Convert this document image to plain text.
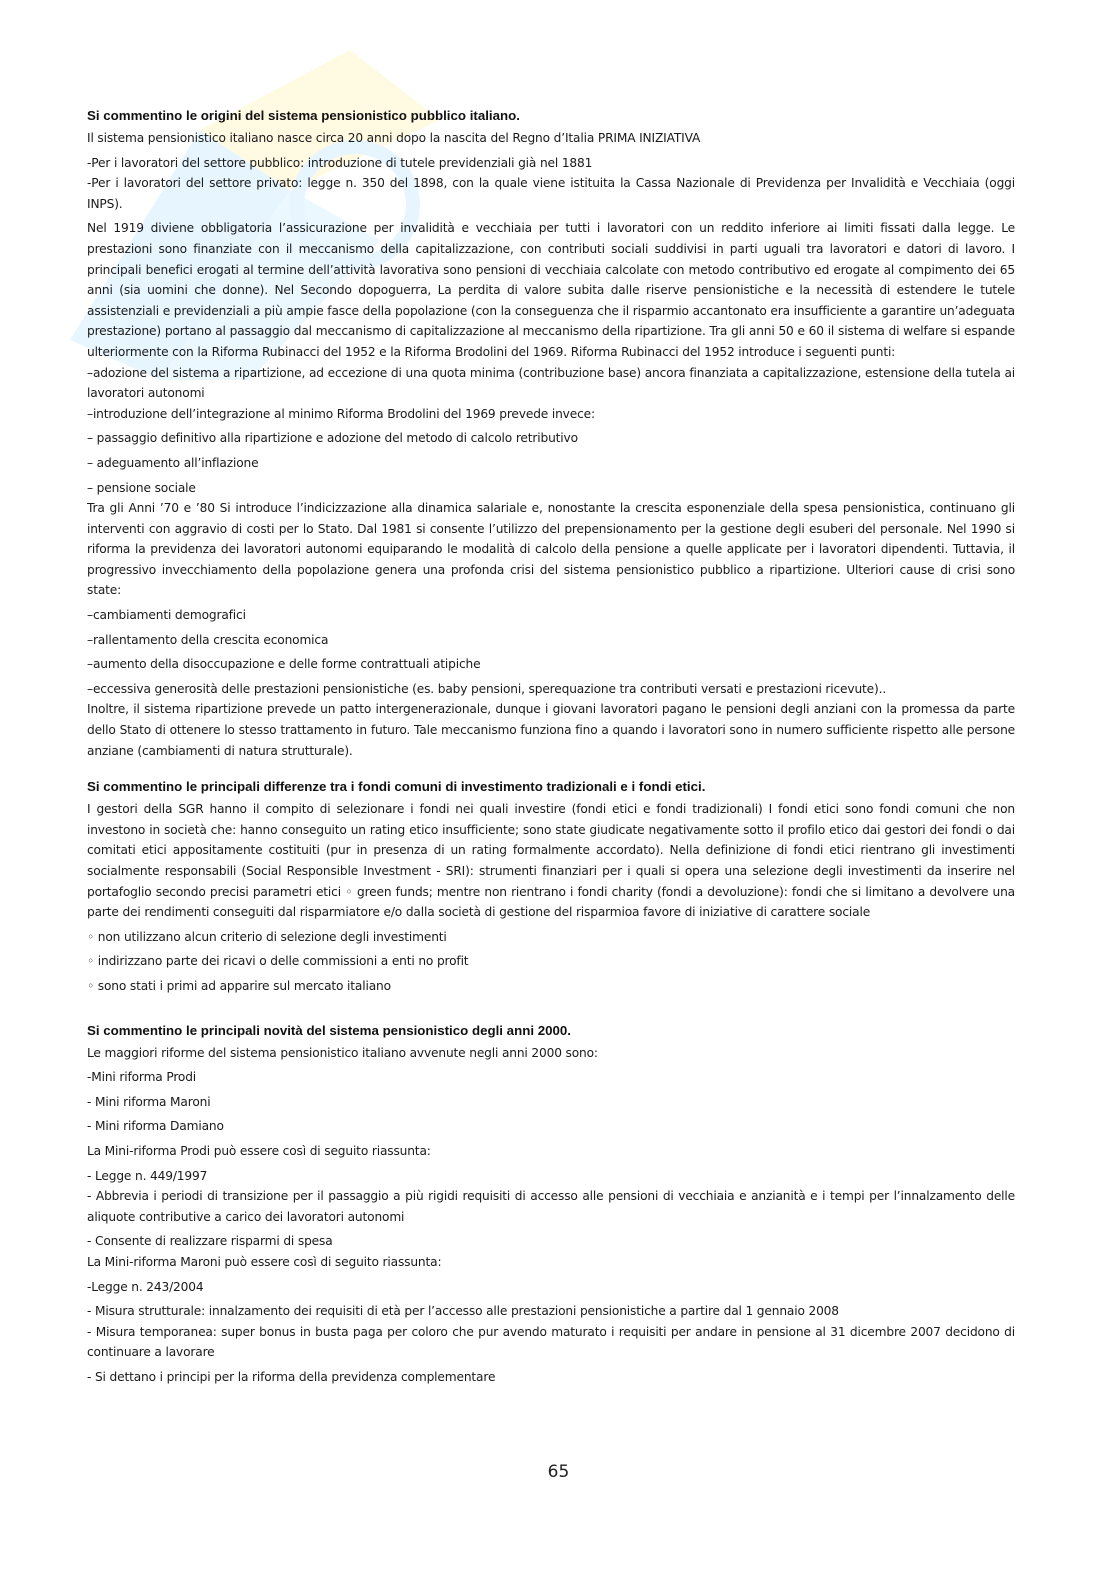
Si commentino le origini del sistema pensionistico pubblico italiano.

Il sistema pensionistico italiano nasce circa 20 anni dopo la nascita del Regno d’Italia PRIMA INIZIATIVA

-Per i lavoratori del settore pubblico: introduzione di tutele previdenziali già nel 1881

-Per i lavoratori del settore privato: legge n. 350 del 1898, con la quale viene istituita la Cassa Nazionale di Previdenza per Invalidità e Vecchiaia (oggi INPS).

Nel 1919 diviene obbligatoria l’assicurazione per invalidità e vecchiaia per tutti i lavoratori con un reddito inferiore ai limiti fissati dalla legge. Le prestazioni sono finanziate con il meccanismo della capitalizzazione, con contributi sociali suddivisi in parti uguali tra lavoratori e datori di lavoro. I principali benefici erogati al termine dell’attività lavorativa sono pensioni di vecchiaia calcolate con metodo contributivo ed erogate al compimento dei 65 anni (sia uomini che donne). Nel Secondo dopoguerra, La perdita di valore subita dalle riserve pensionistiche e la necessità di estendere le tutele assistenziali e previdenziali a più ampie fasce della popolazione (con la conseguenza che il risparmio accantonato era insufficiente a garantire un’adeguata prestazione) portano al passaggio dal meccanismo di capitalizzazione al meccanismo della ripartizione. Tra gli anni 50 e 60 il sistema di welfare si espande ulteriormente con la Riforma Rubinacci del 1952 e la Riforma Brodolini del 1969. Riforma Rubinacci del 1952 introduce i seguenti punti:

–adozione del sistema a ripartizione, ad eccezione di una quota minima (contribuzione base) ancora finanziata a capitalizzazione, estensione della tutela ai lavoratori autonomi

–introduzione dell’integrazione al minimo Riforma Brodolini del 1969 prevede invece:

– passaggio definitivo alla ripartizione e adozione del metodo di calcolo retributivo

– adeguamento all’inflazione

– pensione sociale

Tra gli Anni ’70 e ’80 Si introduce l’indicizzazione alla dinamica salariale e, nonostante la crescita esponenziale della spesa pensionistica, continuano gli interventi con aggravio di costi per lo Stato. Dal 1981 si consente l’utilizzo del prepensionamento per la gestione degli esuberi del personale. Nel 1990 si riforma la previdenza dei lavoratori autonomi equiparando le modalità di calcolo della pensione a quelle applicate per i lavoratori dipendenti. Tuttavia, il progressivo invecchiamento della popolazione genera una profonda crisi del sistema pensionistico pubblico a ripartizione. Ulteriori cause di crisi sono state:

–cambiamenti demografici

–rallentamento della crescita economica

–aumento della disoccupazione e delle forme contrattuali atipiche

–eccessiva generosità delle prestazioni pensionistiche (es. baby pensioni, sperequazione tra contributi versati e prestazioni ricevute)..

Inoltre, il sistema ripartizione prevede un patto intergenerazionale, dunque i giovani lavoratori pagano le pensioni degli anziani con la promessa da parte dello Stato di ottenere lo stesso trattamento in futuro. Tale meccanismo funziona fino a quando i lavoratori sono in numero sufficiente rispetto alle persone anziane (cambiamenti di natura strutturale).

Si commentino le principali differenze tra i fondi comuni di investimento tradizionali e i fondi etici.

I gestori della SGR hanno il compito di selezionare i fondi nei quali investire (fondi etici e fondi tradizionali) I fondi etici sono fondi comuni che non investono in società che: hanno conseguito un rating etico insufficiente; sono state giudicate negativamente sotto il profilo etico dai gestori dei fondi o dai comitati etici appositamente costituiti (pur in presenza di un rating formalmente accordato). Nella definizione di fondi etici rientrano gli investimenti socialmente responsabili (Social Responsible Investment - SRI): strumenti finanziari per i quali si opera una selezione degli investimenti da inserire nel portafoglio secondo precisi parametri etici ◦ green funds; mentre non rientrano i fondi charity (fondi a devoluzione): fondi che si limitano a devolvere una parte dei rendimenti conseguiti dal risparmiatore e/o dalla società di gestione del risparmioa favore di iniziative di carattere sociale

◦ non utilizzano alcun criterio di selezione degli investimenti

◦ indirizzano parte dei ricavi o delle commissioni a enti no profit

◦ sono stati i primi ad apparire sul mercato italiano

Si commentino le principali novità del sistema pensionistico degli anni 2000.

Le maggiori riforme del sistema pensionistico italiano avvenute negli anni 2000 sono:

-Mini riforma Prodi

- Mini riforma Maroni

- Mini riforma Damiano

La Mini-riforma Prodi può essere così di seguito riassunta:

- Legge n. 449/1997

- Abbrevia i periodi di transizione per il passaggio a più rigidi requisiti di accesso alle pensioni di vecchiaia e anzianità e i tempi per l’innalzamento delle aliquote contributive a carico dei lavoratori autonomi

- Consente di realizzare risparmi di spesa

La Mini-riforma Maroni può essere così di seguito riassunta:

-Legge n. 243/2004

- Misura strutturale: innalzamento dei requisiti di età per l’accesso alle prestazioni pensionistiche a partire dal 1 gennaio 2008

- Misura temporanea: super bonus in busta paga per coloro che pur avendo maturato i requisiti per andare in pensione al 31 dicembre 2007 decidono di continuare a lavorare

- Si dettano i principi per la riforma della previdenza complementare

65
